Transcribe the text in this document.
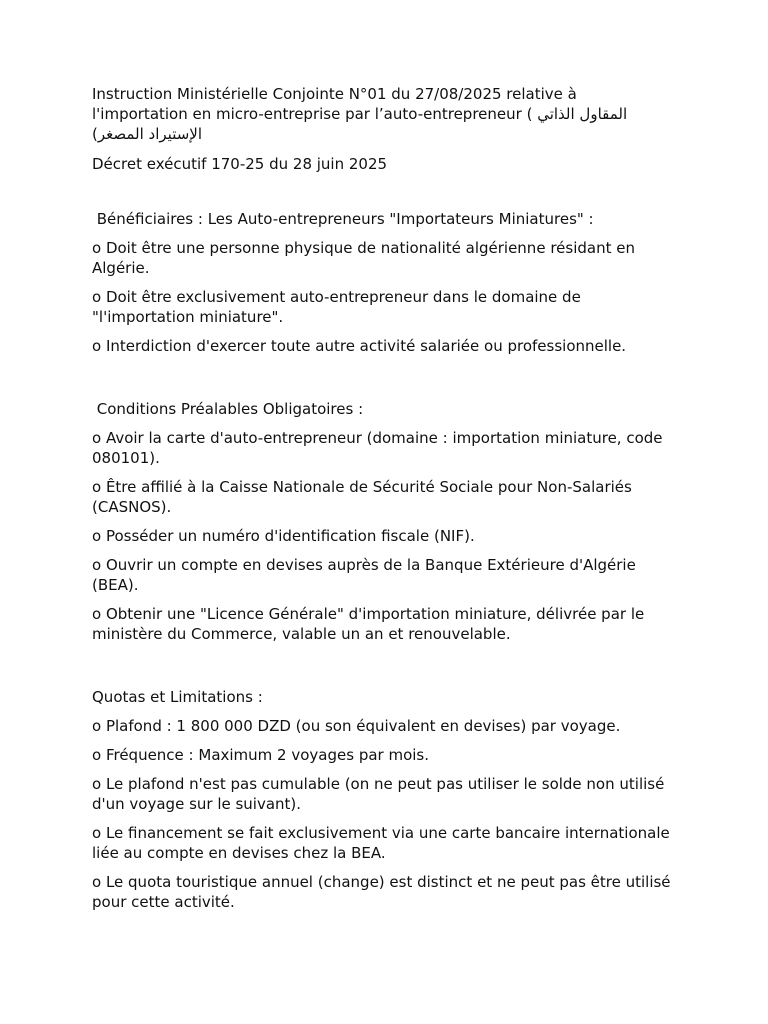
Instruction Ministérielle Conjointe N°01 du 27/08/2025 relative à

l'importation en micro-entreprise par l’auto-entrepreneur ( المقاول الذاتي

الإستيراد المصغر)

Décret exécutif 170-25 du 28 juin 2025

Bénéficiaires : Les Auto-entrepreneurs "Importateurs Miniatures" :

o Doit être une personne physique de nationalité algérienne résidant en Algérie.

o Doit être exclusivement auto-entrepreneur dans le domaine de "l'importation miniature".

o Interdiction d'exercer toute autre activité salariée ou professionnelle.

Conditions Préalables Obligatoires :

o Avoir la carte d'auto-entrepreneur (domaine : importation miniature, code 080101).

o Être affilié à la Caisse Nationale de Sécurité Sociale pour Non-Salariés (CASNOS).

o Posséder un numéro d'identification fiscale (NIF).

o Ouvrir un compte en devises auprès de la Banque Extérieure d'Algérie (BEA).

o Obtenir une "Licence Générale" d'importation miniature, délivrée par le ministère du Commerce, valable un an et renouvelable.

Quotas et Limitations :

o Plafond : 1 800 000 DZD (ou son équivalent en devises) par voyage.

o Fréquence : Maximum 2 voyages par mois.

o Le plafond n'est pas cumulable (on ne peut pas utiliser le solde non utilisé d'un voyage sur le suivant).

o Le financement se fait exclusivement via une carte bancaire internationale liée au compte en devises chez la BEA.

o Le quota touristique annuel (change) est distinct et ne peut pas être utilisé pour cette activité.
